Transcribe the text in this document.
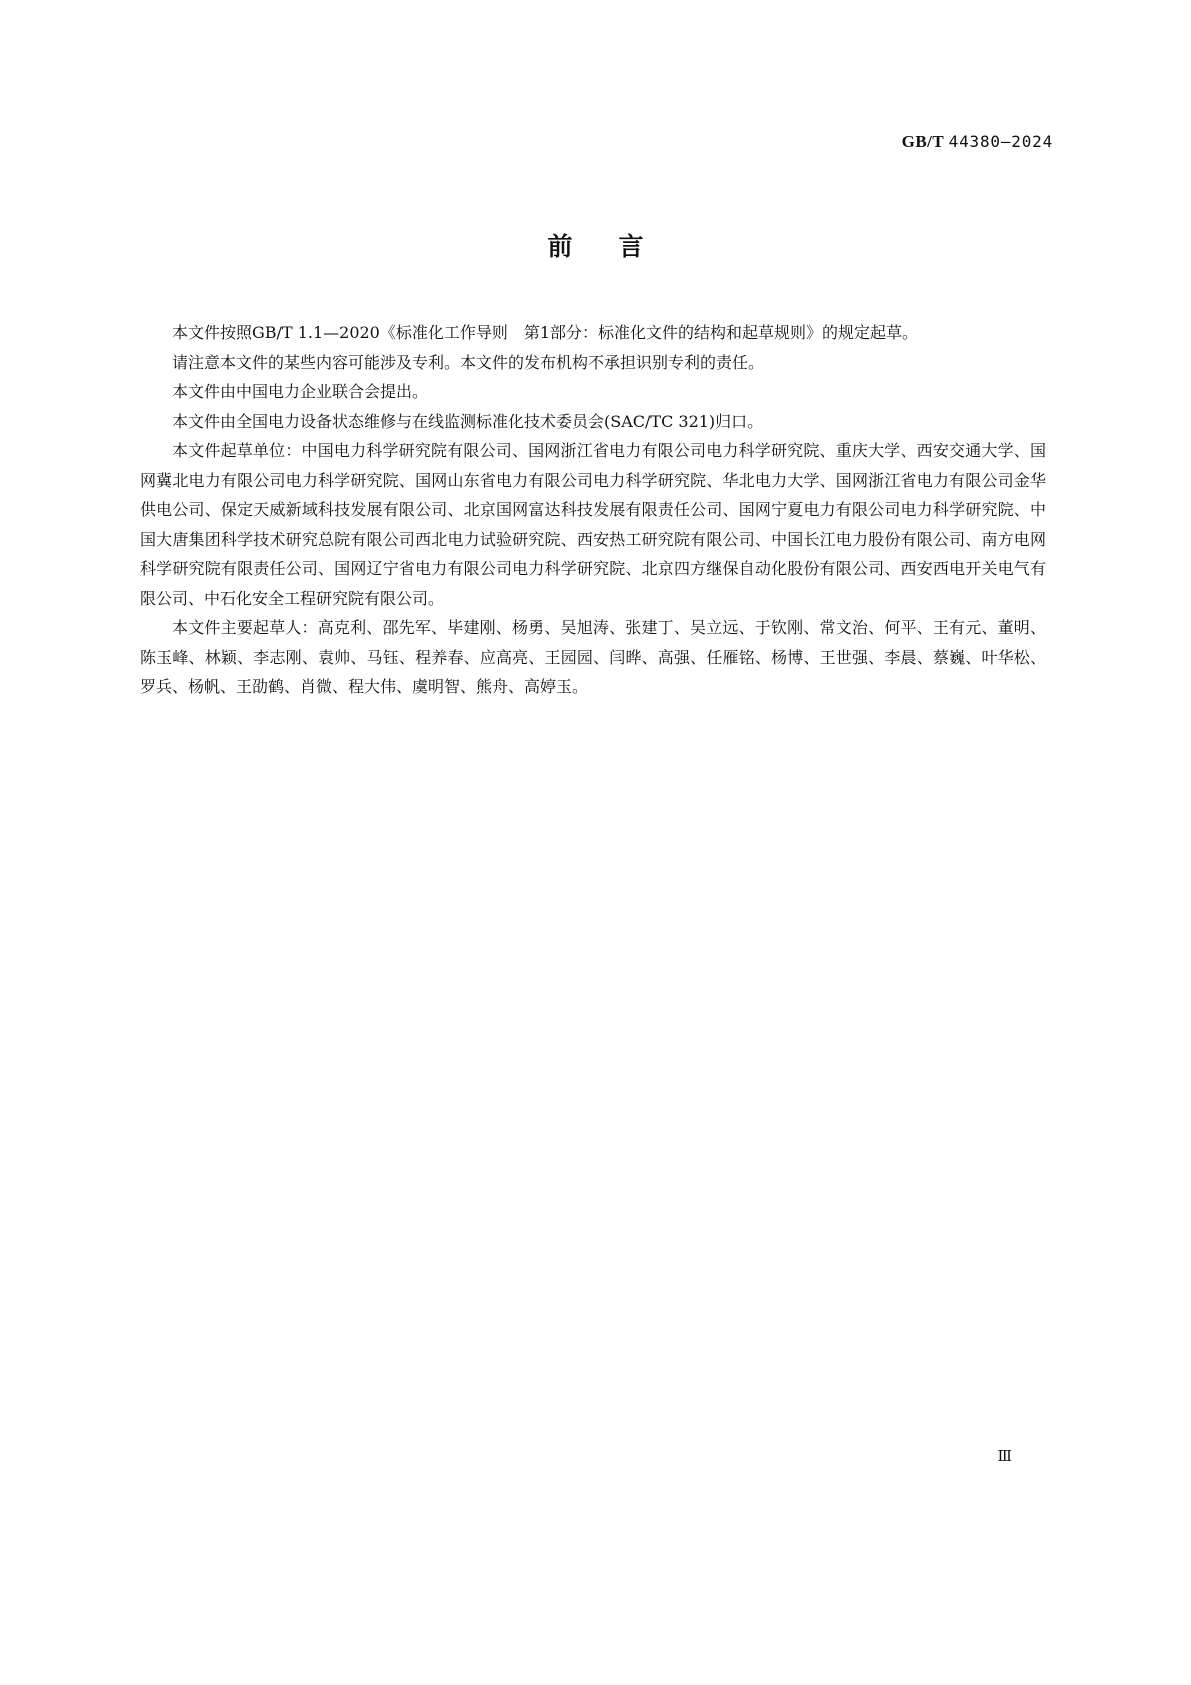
GB/T 44380—2024
前言

本文件按照GB/T 1.1—2020《标准化工作导则　第1部分：标准化文件的结构和起草规则》的规定起草。

请注意本文件的某些内容可能涉及专利。本文件的发布机构不承担识别专利的责任。

本文件由中国电力企业联合会提出。

本文件由全国电力设备状态维修与在线监测标准化技术委员会(SAC/TC 321)归口。

本文件起草单位：中国电力科学研究院有限公司、国网浙江省电力有限公司电力科学研究院、重庆大学、西安交通大学、国网冀北电力有限公司电力科学研究院、国网山东省电力有限公司电力科学研究院、华北电力大学、国网浙江省电力有限公司金华供电公司、保定天威新域科技发展有限公司、北京国网富达科技发展有限责任公司、国网宁夏电力有限公司电力科学研究院、中国大唐集团科学技术研究总院有限公司西北电力试验研究院、西安热工研究院有限公司、中国长江电力股份有限公司、南方电网科学研究院有限责任公司、国网辽宁省电力有限公司电力科学研究院、北京四方继保自动化股份有限公司、西安西电开关电气有限公司、中石化安全工程研究院有限公司。

本文件主要起草人：高克利、邵先军、毕建刚、杨勇、吴旭涛、张建丁、吴立远、于钦刚、常文治、何平、王有元、董明、陈玉峰、林颖、李志刚、袁帅、马钰、程养春、应高亮、王园园、闫晔、高强、任雁铭、杨博、王世强、李晨、蔡巍、叶华松、罗兵、杨帆、王劭鹤、肖微、程大伟、虞明智、熊舟、高婷玉。

Ⅲ
